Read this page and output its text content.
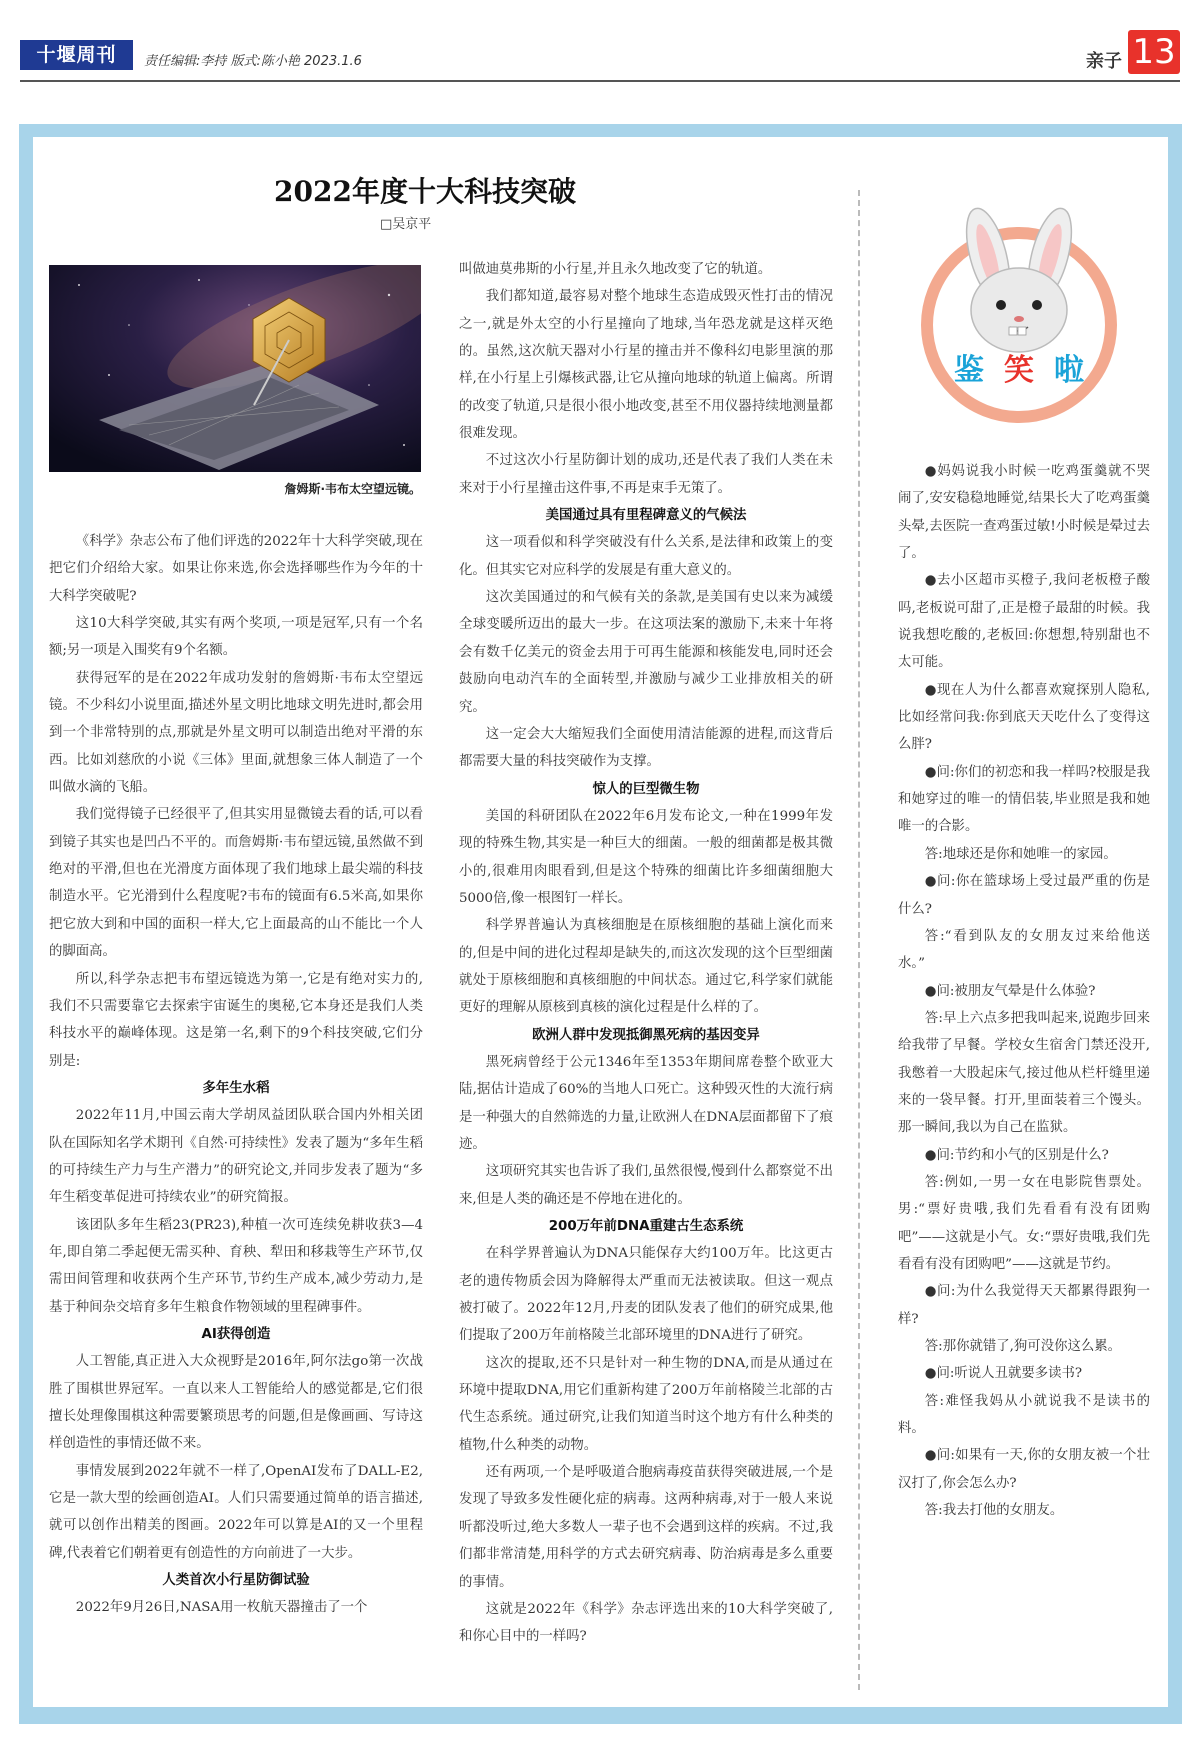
十堰周刊	责任编辑:李持 版式:陈小艳 2023.1.6	亲子 13
2022年度十大科技突破
□吴京平
詹姆斯·韦布太空望远镜。

《科学》杂志公布了他们评选的2022年十大科学突破,现在把它们介绍给大家。如果让你来选,你会选择哪些作为今年的十大科学突破呢?

这10大科学突破,其实有两个奖项,一项是冠军,只有一个名额;另一项是入围奖有9个名额。

获得冠军的是在2022年成功发射的詹姆斯·韦布太空望远镜。不少科幻小说里面,描述外星文明比地球文明先进时,都会用到一个非常特别的点,那就是外星文明可以制造出绝对平滑的东西。比如刘慈欣的小说《三体》里面,就想象三体人制造了一个叫做水滴的飞船。

我们觉得镜子已经很平了,但其实用显微镜去看的话,可以看到镜子其实也是凹凸不平的。而詹姆斯·韦布望远镜,虽然做不到绝对的平滑,但也在光滑度方面体现了我们地球上最尖端的科技制造水平。它光滑到什么程度呢?韦布的镜面有6.5米高,如果你把它放大到和中国的面积一样大,它上面最高的山不能比一个人的脚面高。

所以,科学杂志把韦布望远镜选为第一,它是有绝对实力的,我们不只需要靠它去探索宇宙诞生的奥秘,它本身还是我们人类科技水平的巅峰体现。这是第一名,剩下的9个科技突破,它们分别是:

多年生水稻

2022年11月,中国云南大学胡凤益团队联合国内外相关团队在国际知名学术期刊《自然·可持续性》发表了题为“多年生稻的可持续生产力与生产潜力”的研究论文,并同步发表了题为“多年生稻变革促进可持续农业”的研究简报。

该团队多年生稻23(PR23),种植一次可连续免耕收获3—4年,即自第二季起便无需买种、育秧、犁田和移栽等生产环节,仅需田间管理和收获两个生产环节,节约生产成本,减少劳动力,是基于种间杂交培育多年生粮食作物领域的里程碑事件。

AI获得创造

人工智能,真正进入大众视野是2016年,阿尔法go第一次战胜了围棋世界冠军。一直以来人工智能给人的感觉都是,它们很擅长处理像围棋这种需要繁琐思考的问题,但是像画画、写诗这样创造性的事情还做不来。

事情发展到2022年就不一样了,OpenAI发布了DALL-E2,它是一款大型的绘画创造AI。人们只需要通过简单的语言描述,就可以创作出精美的图画。2022年可以算是AI的又一个里程碑,代表着它们朝着更有创造性的方向前进了一大步。

人类首次小行星防御试验

2022年9月26日,NASA用一枚航天器撞击了一个

叫做迪莫弗斯的小行星,并且永久地改变了它的轨道。

我们都知道,最容易对整个地球生态造成毁灭性打击的情况之一,就是外太空的小行星撞向了地球,当年恐龙就是这样灭绝的。虽然,这次航天器对小行星的撞击并不像科幻电影里演的那样,在小行星上引爆核武器,让它从撞向地球的轨道上偏离。所谓的改变了轨道,只是很小很小地改变,甚至不用仪器持续地测量都很难发现。

不过这次小行星防御计划的成功,还是代表了我们人类在未来对于小行星撞击这件事,不再是束手无策了。

美国通过具有里程碑意义的气候法

这一项看似和科学突破没有什么关系,是法律和政策上的变化。但其实它对应科学的发展是有重大意义的。

这次美国通过的和气候有关的条款,是美国有史以来为减缓全球变暖所迈出的最大一步。在这项法案的激励下,未来十年将会有数千亿美元的资金去用于可再生能源和核能发电,同时还会鼓励向电动汽车的全面转型,并激励与减少工业排放相关的研究。

这一定会大大缩短我们全面使用清洁能源的进程,而这背后都需要大量的科技突破作为支撑。

惊人的巨型微生物

美国的科研团队在2022年6月发布论文,一种在1999年发现的特殊生物,其实是一种巨大的细菌。一般的细菌都是极其微小的,很难用肉眼看到,但是这个特殊的细菌比许多细菌细胞大5000倍,像一根图钉一样长。

科学界普遍认为真核细胞是在原核细胞的基础上演化而来的,但是中间的进化过程却是缺失的,而这次发现的这个巨型细菌就处于原核细胞和真核细胞的中间状态。通过它,科学家们就能更好的理解从原核到真核的演化过程是什么样的了。

欧洲人群中发现抵御黑死病的基因变异

黑死病曾经于公元1346年至1353年期间席卷整个欧亚大陆,据估计造成了60%的当地人口死亡。这种毁灭性的大流行病是一种强大的自然筛选的力量,让欧洲人在DNA层面都留下了痕迹。

这项研究其实也告诉了我们,虽然很慢,慢到什么都察觉不出来,但是人类的确还是不停地在进化的。

200万年前DNA重建古生态系统

在科学界普遍认为DNA只能保存大约100万年。比这更古老的遗传物质会因为降解得太严重而无法被读取。但这一观点被打破了。2022年12月,丹麦的团队发表了他们的研究成果,他们提取了200万年前格陵兰北部环境里的DNA进行了研究。

这次的提取,还不只是针对一种生物的DNA,而是从通过在环境中提取DNA,用它们重新构建了200万年前格陵兰北部的古代生态系统。通过研究,让我们知道当时这个地方有什么种类的植物,什么种类的动物。

还有两项,一个是呼吸道合胞病毒疫苗获得突破进展,一个是发现了导致多发性硬化症的病毒。这两种病毒,对于一般人来说听都没听过,绝大多数人一辈子也不会遇到这样的疾病。不过,我们都非常清楚,用科学的方式去研究病毒、防治病毒是多么重要的事情。

这就是2022年《科学》杂志评选出来的10大科学突破了,和你心目中的一样吗?

鉴 笑 啦

●妈妈说我小时候一吃鸡蛋羹就不哭闹了,安安稳稳地睡觉,结果长大了吃鸡蛋羹头晕,去医院一查鸡蛋过敏!小时候是晕过去了。

●去小区超市买橙子,我问老板橙子酸吗,老板说可甜了,正是橙子最甜的时候。我说我想吃酸的,老板回:你想想,特别甜也不太可能。

●现在人为什么都喜欢窥探别人隐私,比如经常问我:你到底天天吃什么了变得这么胖?

●问:你们的初恋和我一样吗?校服是我和她穿过的唯一的情侣装,毕业照是我和她唯一的合影。

答:地球还是你和她唯一的家园。

●问:你在篮球场上受过最严重的伤是什么?

答:“看到队友的女朋友过来给他送水。”

●问:被朋友气晕是什么体验?

答:早上六点多把我叫起来,说跑步回来给我带了早餐。学校女生宿舍门禁还没开,我憋着一大股起床气,接过他从栏杆缝里递来的一袋早餐。打开,里面装着三个馒头。那一瞬间,我以为自己在监狱。

●问:节约和小气的区别是什么?

答:例如,一男一女在电影院售票处。男:“票好贵哦,我们先看看有没有团购吧”——这就是小气。女:“票好贵哦,我们先看看有没有团购吧”——这就是节约。

●问:为什么我觉得天天都累得跟狗一样?

答:那你就错了,狗可没你这么累。

●问:听说人丑就要多读书?

答:难怪我妈从小就说我不是读书的料。

●问:如果有一天,你的女朋友被一个壮汉打了,你会怎么办?

答:我去打他的女朋友。
